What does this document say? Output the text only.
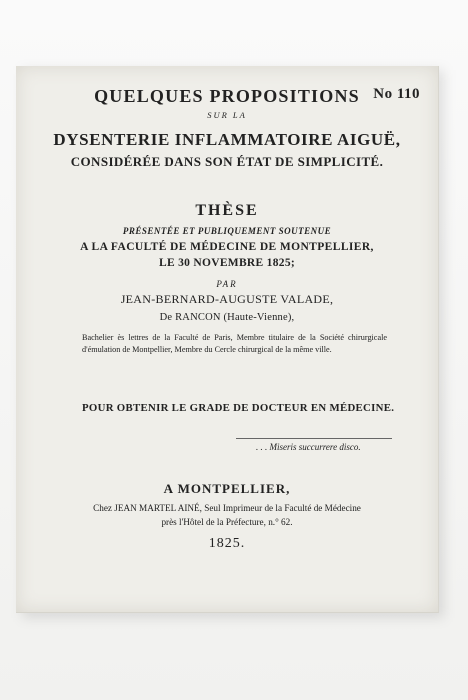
No 110
QUELQUES PROPOSITIONS
SUR LA
DYSENTERIE INFLAMMATOIRE AIGUË,
CONSIDÉRÉE DANS SON ÉTAT DE SIMPLICITÉ.
THÈSE
PRÉSENTÉE ET PUBLIQUEMENT SOUTENUE
A LA FACULTÉ DE MÉDECINE DE MONTPELLIER,
LE 30 NOVEMBRE 1825;
PAR
JEAN-BERNARD-AUGUSTE VALADE,
De RANCON (Haute-Vienne),
Bachelier ès lettres de la Faculté de Paris, Membre titulaire de la Société chirurgicale d'émulation de Montpellier, Membre du Cercle chirurgical de la même ville.
POUR OBTENIR LE GRADE DE DOCTEUR EN MÉDECINE.
. . . Miseris succurrere disco.
A MONTPELLIER,
Chez JEAN MARTEL AINÉ, Seul Imprimeur de la Faculté de Médecine
près l'Hôtel de la Préfecture, n.° 62.
1825.
